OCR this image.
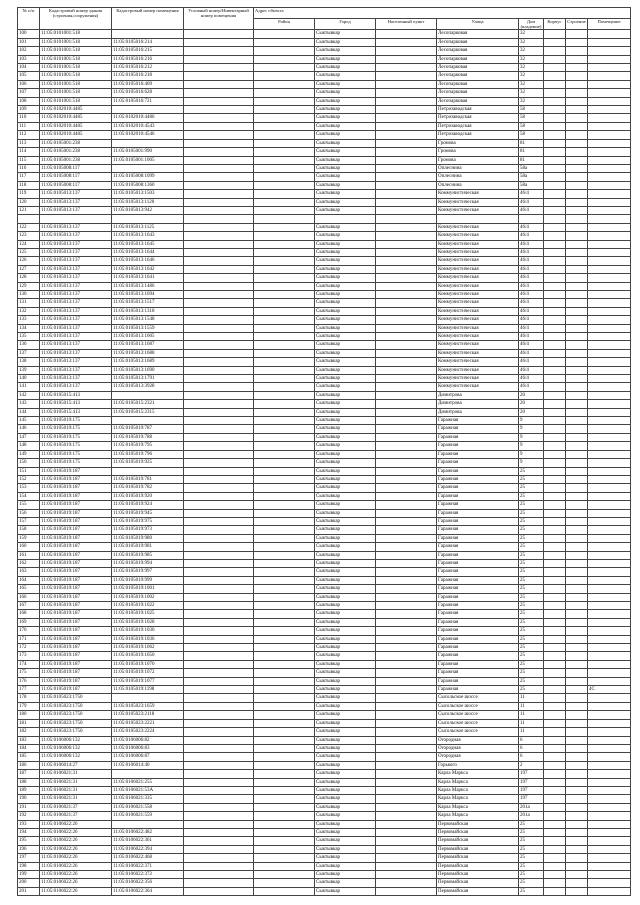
№ п/п	Кадастровый номер здания (строения,сооружения)	Кадастровый номер помещения	Условный номер/Инвентарный номер помещения	Адрес объекта							
				Район	Город	Населенный пункт	Улица	Дом (владение)	Корпус	Строение	Помещение
100	11:05:0101001:518				Сыктывкар		Лесопарковая	32			
101	11:05:0101001:518	11:05:0105016:214			Сыктывкар		Лесопарковая	32			
102	11:05:0101001:518	11:05:0105016:215			Сыктывкар		Лесопарковая	32			
103	11:05:0101001:518	11:05:0105016:216			Сыктывкар		Лесопарковая	32			
104	11:05:0101001:518	11:05:0105016:212			Сыктывкар		Лесопарковая	32			
105	11:05:0101001:518	11:05:0105016:218			Сыктывкар		Лесопарковая	32			
106	11:05:0101001:518	11:05:0105016:469			Сыктывкар		Лесопарковая	32			
107	11:05:0101001:518	11:05:0105016:628			Сыктывкар		Лесопарковая	32			
108	11:05:0101001:518	11:05:0105016:721			Сыктывкар		Лесопарковая	32			
109	11:05:0102010:4485				Сыктывкар		Петрозаводская	58			
110	11:05:0102010:4485	11:05:0102010:4486			Сыктывкар		Петрозаводская	58			
111	11:05:0102010:4485	11:05:0102010:4543			Сыктывкар		Петрозаводская	58			
112	11:05:0102010:4485	11:05:0102010:4546			Сыктывкар		Петрозаводская	58			
113	11:05:0105001:238				Сыктывкар		Громова	81			
114	11:05:0105001:238	11:05:0105001:990			Сыктывкар		Громова	81			
115	11:05:0105001:238	11:05:0105001:1005			Сыктывкар		Громова	81			
116	11:05:0105008:117				Сыктывкар		Оплеснина	58а			
117	11:05:0105008:117	11:05:0105008:1099			Сыктывкар		Оплеснина	58а			
118	11:05:0105008:117	11:05:0105008:1360			Сыктывкар		Оплеснина	58а			
119	11:05:0105013:137	11:05:0105013:1503			Сыктывкар		Коммунистическая	46/4			
120	11:05:0105013:137	11:05:0105013:1120			Сыктывкар		Коммунистическая	46/4			
121	11:05:0105013:137	11:05:0105013:942			Сыктывкар		Коммунистическая	46/4			

122	11:05:0105013:137	11:05:0105013:1125			Сыктывкар		Коммунистическая	46/4			
123	11:05:0105013:137	11:05:0105013:1643			Сыктывкар		Коммунистическая	46/4			
124	11:05:0105013:137	11:05:0105013:1645			Сыктывкар		Коммунистическая	46/4			
125	11:05:0105013:137	11:05:0105013:1644			Сыктывкар		Коммунистическая	46/4			
126	11:05:0105013:137	11:05:0105013:1646			Сыктывкар		Коммунистическая	46/4			
127	11:05:0105013:137	11:05:0105013:1642			Сыктывкар		Коммунистическая	46/4			
128	11:05:0105013:137	11:05:0105013:1641			Сыктывкар		Коммунистическая	46/4			
129	11:05:0105013:137	11:05:0105013:1486			Сыктывкар		Коммунистическая	46/4			
130	11:05:0105013:137	11:05:0105013:1694			Сыктывкар		Коммунистическая	46/4			
131	11:05:0105013:137	11:05:0105013:1517			Сыктывкар		Коммунистическая	46/4			
132	11:05:0105013:137	11:05:0105013:1318			Сыктывкар		Коммунистическая	46/4			
133	11:05:0105013:137	11:05:0105013:1548			Сыктывкар		Коммунистическая	46/4			
134	11:05:0105013:137	11:05:0105013:1559			Сыктывкар		Коммунистическая	46/4			
135	11:05:0105013:137	11:05:0105013:1605			Сыктывкар		Коммунистическая	46/4			
136	11:05:0105013:137	11:05:0105013:1687			Сыктывкар		Коммунистическая	46/4			
137	11:05:0105013:137	11:05:0105013:1688			Сыктывкар		Коммунистическая	46/4			
138	11:05:0105013:137	11:05:0105013:1689			Сыктывкар		Коммунистическая	46/4			
139	11:05:0105013:137	11:05:0105013:1690			Сыктывкар		Коммунистическая	46/4			
140	11:05:0105013:137	11:05:0105013:1791			Сыктывкар		Коммунистическая	46/4			
141	11:05:0105013:137	11:05:0105013:3928			Сыктывкар		Коммунистическая	46/4			
142	11:05:0105015:413				Сыктывкар		Димитрова	20			
143	11:05:0105015:413	11:05:0105015:2321			Сыктывкар		Димитрова	20			
144	11:05:0105015:413	11:05:0105015:2315			Сыктывкар		Димитрова	20			
145	11:05:0105019:175				Сыктывкар		Гаражная	9			
146	11:05:0105019:175	11:05:0105019:787			Сыктывкар		Гаражная	9			
147	11:05:0105019:175	11:05:0105019:788			Сыктывкар		Гаражная	9			
148	11:05:0105019:175	11:05:0105019:795			Сыктывкар		Гаражная	9			
149	11:05:0105019:175	11:05:0105019:796			Сыктывкар		Гаражная	9			
150	11:05:0105019:175	11:05:0105019:925			Сыктывкар		Гаражная	9			
151	11:05:0105019:187				Сыктывкар		Гаражная	25			
152	11:05:0105019:187	11:05:0105019:781			Сыктывкар		Гаражная	25			
153	11:05:0105019:187	11:05:0105019:782			Сыктывкар		Гаражная	25			
154	11:05:0105019:187	11:05:0105019:920			Сыктывкар		Гаражная	25			
155	11:05:0105019:187	11:05:0105019:924			Сыктывкар		Гаражная	25			
156	11:05:0105019:187	11:05:0105019:945			Сыктывкар		Гаражная	25			
157	11:05:0105019:187	11:05:0105019:975			Сыктывкар		Гаражная	25			
158	11:05:0105019:187	11:05:0105019:973			Сыктывкар		Гаражная	25			
159	11:05:0105019:187	11:05:0105019:980			Сыктывкар		Гаражная	25			
160	11:05:0105019:187	11:05:0105019:981			Сыктывкар		Гаражная	25			
161	11:05:0105019:187	11:05:0105019:985			Сыктывкар		Гаражная	25			
162	11:05:0105019:187	11:05:0105019:994			Сыктывкар		Гаражная	25			
163	11:05:0105019:187	11:05:0105019:997			Сыктывкар		Гаражная	25			
164	11:05:0105019:187	11:05:0105019:999			Сыктывкар		Гаражная	25			
165	11:05:0105019:187	11:05:0105019:1001			Сыктывкар		Гаражная	25			
166	11:05:0105019:187	11:05:0105019:1002			Сыктывкар		Гаражная	25			
167	11:05:0105019:187	11:05:0105019:1022			Сыктывкар		Гаражная	25			
168	11:05:0105019:187	11:05:0105019:1025			Сыктывкар		Гаражная	25			
169	11:05:0105019:187	11:05:0105019:1028			Сыктывкар		Гаражная	25			
170	11:05:0105019:187	11:05:0105019:1030			Сыктывкар		Гаражная	25			
171	11:05:0105019:187	11:05:0105019:1036			Сыктывкар		Гаражная	25			
172	11:05:0105019:187	11:05:0105019:1062			Сыктывкар		Гаражная	25			
173	11:05:0105019:187	11:05:0105019:1050			Сыктывкар		Гаражная	25			
174	11:05:0105019:187	11:05:0105019:1070			Сыктывкар		Гаражная	25			
175	11:05:0105019:187	11:05:0105019:1072			Сыктывкар		Гаражная	25			
176	11:05:0105019:187	11:05:0105019:1077			Сыктывкар		Гаражная	25			
177	11:05:0105019:187	11:05:0105019:1198			Сыктывкар		Гаражная	25			4С
178	11:05:0105023:1750				Сыктывкар		Сысольское шоссе	11			
179	11:05:0105023:1750	11:05:0105023:1659			Сыктывкар		Сысольское шоссе	11			
180	11:05:0105023:1750	11:05:0105023:2118			Сыктывкар		Сысольское шоссе	11			
181	11:05:0105023:1750	11:05:0105023:2221			Сыктывкар		Сысольское шоссе	11			
182	11:05:0105023:1750	11:05:0105023:2224			Сыктывкар		Сысольское шоссе	11			
183	11:05:0106006:132	11:05:0106006:82			Сыктывкар		Огородная	6			
184	11:05:0106006:132	11:05:0106006:83			Сыктывкар		Огородная	6			
185	11:05:0106006:132	11:05:0106006:87			Сыктывкар		Огородная	6			
186	11:05:0106014:27	11:05:0106014:40			Сыктывкар		Горького	2			
187	11:05:0106021:31				Сыктывкар		Карла Маркса	197			
188	11:05:0106021:31	11:05:0106021:255			Сыктывкар		Карла Маркса	197			
189	11:05:0106021:31	11:05:0106021:53А			Сыктывкар		Карла Маркса	197			
190	11:05:0106021:31	11:05:0106021:335			Сыктывкар		Карла Маркса	197			
191	11:05:0106021:37	11:05:0106021:558			Сыктывкар		Карла Маркса	201а			
192	11:05:0106021:37	11:05:0106021:559			Сыктывкар		Карла Маркса	201а			
193	11:05:0106022:26				Сыктывкар		Первомайская	25			
194	11:05:0106022:26	11:05:0106022:482			Сыктывкар		Первомайская	25			
195	11:05:0106022:26	11:05:0106022:361			Сыктывкар		Первомайская	25			
196	11:05:0106022:26	11:05:0106022:394			Сыктывкар		Первомайская	25			
197	11:05:0106022:26	11:05:0106022:468			Сыктывкар		Первомайская	25			
198	11:05:0106022:26	11:05:0106022:371			Сыктывкар		Первомайская	25			
199	11:05:0106022:26	11:05:0106022:372			Сыктывкар		Первомайская	25			
200	11:05:0106022:26	11:05:0106022:356			Сыктывкар		Первомайская	25			
201	11:05:0106022:26	11:05:0106022:364			Сыктывкар		Первомайская	25			
